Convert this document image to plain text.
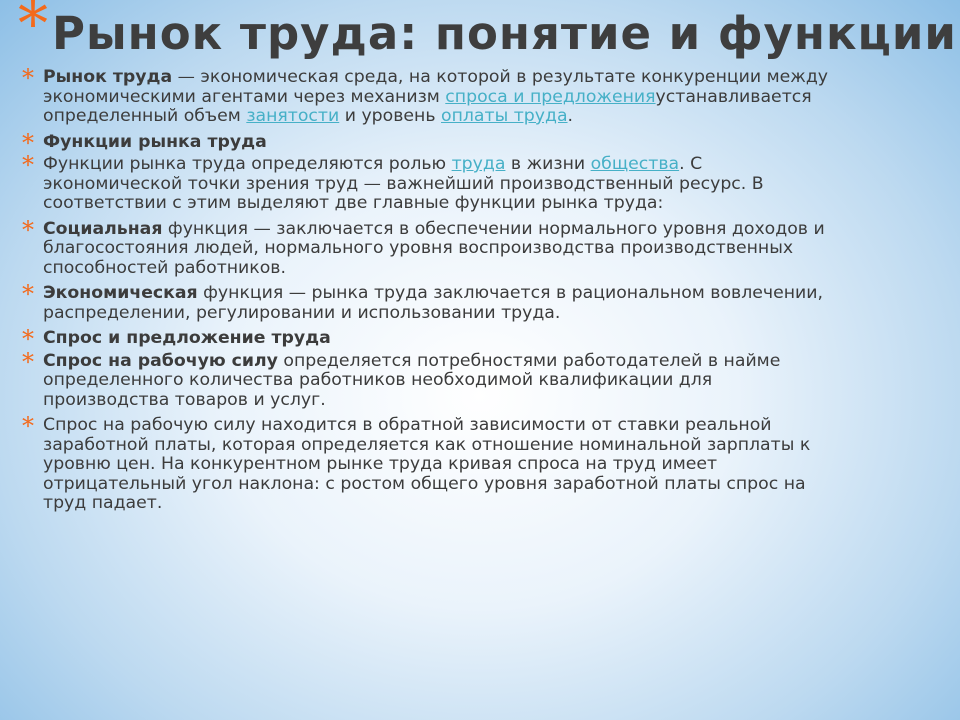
* Рынок труда: понятие и функции
* Рынок труда — экономическая среда, на которой в результате конкуренции между
экономическими агентами через механизм спроса и предложенияустанавливается
определенный объем занятости и уровень оплаты труда.
* Функции рынка труда
* Функции рынка труда определяются ролью труда в жизни общества. С
экономической точки зрения труд — важнейший производственный ресурс. В
соответствии с этим выделяют две главные функции рынка труда:
* Социальная функция — заключается в обеспечении нормального уровня доходов и
благосостояния людей, нормального уровня воспроизводства производственных
способностей работников.
* Экономическая функция — рынка труда заключается в рациональном вовлечении,
распределении, регулировании и использовании труда.
* Спрос и предложение труда
* Спрос на рабочую силу определяется потребностями работодателей в найме
определенного количества работников необходимой квалификации для
производства товаров и услуг.
* Спрос на рабочую силу находится в обратной зависимости от ставки реальной
заработной платы, которая определяется как отношение номинальной зарплаты к
уровню цен. На конкурентном рынке труда кривая спроса на труд имеет
отрицательный угол наклона: с ростом общего уровня заработной платы спрос на
труд падает.
